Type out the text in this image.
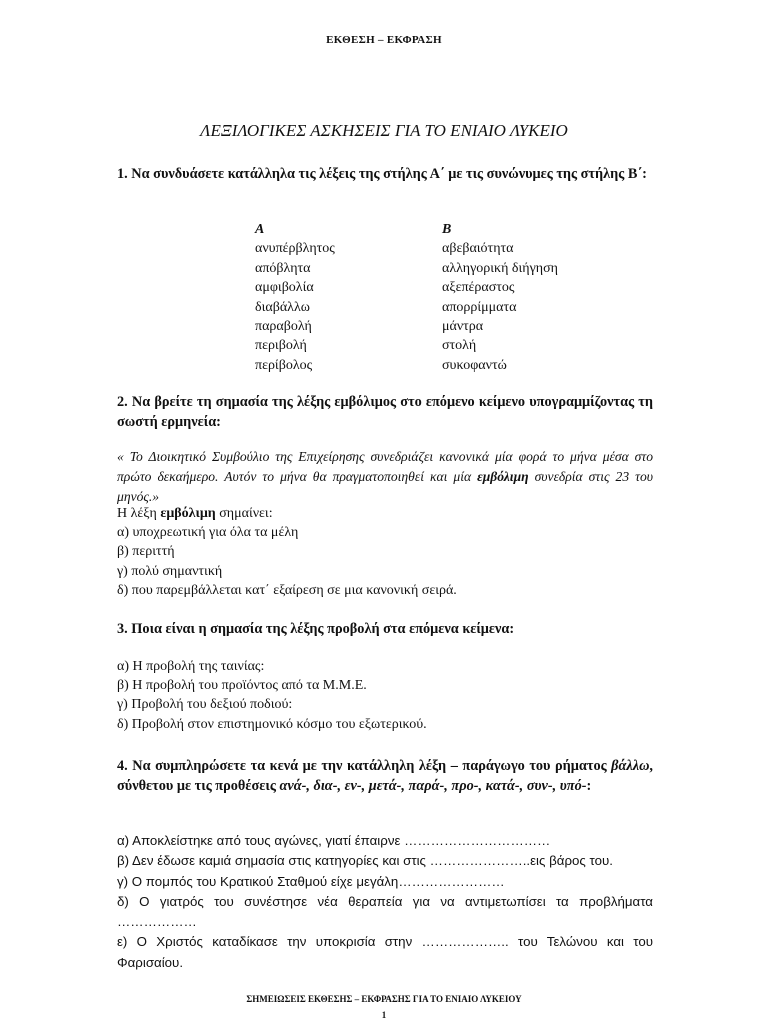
ΕΚΘΕΣΗ – ΕΚΦΡΑΣΗ
ΛΕΞΙΛΟΓΙΚΕΣ ΑΣΚΗΣΕΙΣ ΓΙΑ ΤΟ ΕΝΙΑΙΟ ΛΥΚΕΙΟ
1. Να συνδυάσετε κατάλληλα τις λέξεις της στήλης Α΄ με τις συνώνυμες της στήλης Β΄:
Α
ανυπέρβλητος
απόβλητα
αμφιβολία
διαβάλλω
παραβολή
περιβολή
περίβολος
Β
αβεβαιότητα
αλληγορική διήγηση
αξεπέραστος
απορρίμματα
μάντρα
στολή
συκοφαντώ
2. Να βρείτε τη σημασία της λέξης εμβόλιμος στο επόμενο κείμενο υπογραμμίζοντας τη σωστή ερμηνεία:
« Το Διοικητικό Συμβούλιο της Επιχείρησης συνεδριάζει κανονικά μία φορά το μήνα μέσα στο πρώτο δεκαήμερο. Αυτόν το μήνα θα πραγματοποιηθεί και μία εμβόλιμη συνεδρία στις 23 του μηνός.»
Η λέξη εμβόλιμη σημαίνει:
α) υποχρεωτική για όλα τα μέλη
β) περιττή
γ) πολύ σημαντική
δ) που παρεμβάλλεται κατ΄ εξαίρεση σε μια κανονική σειρά.
3. Ποια είναι η σημασία της λέξης προβολή στα επόμενα κείμενα:
α) Η προβολή της ταινίας:
β) Η προβολή του προϊόντος από τα Μ.Μ.Ε.
γ) Προβολή του δεξιού ποδιού:
δ) Προβολή στον επιστημονικό κόσμο του εξωτερικού.
4. Να συμπληρώσετε τα κενά με την κατάλληλη λέξη – παράγωγο του ρήματος βάλλω, σύνθετου με τις προθέσεις ανά-, δια-, εν-, μετά-, παρά-, προ-, κατά-, συν-, υπό-:
α) Αποκλείστηκε από τους αγώνες, γιατί έπαιρνε ……………………………
β) Δεν έδωσε καμιά σημασία στις κατηγορίες και στις …………………..εις βάρος του.
γ) Ο πομπός του Κρατικού Σταθμού είχε μεγάλη……………………
δ) Ο γιατρός του συνέστησε νέα θεραπεία για να αντιμετωπίσει τα προβλήματα ………………
ε) Ο Χριστός καταδίκασε την υποκρισία στην ……………….. του Τελώνου και του Φαρισαίου.
ΣΗΜΕΙΩΣΕΙΣ ΕΚΘΕΣΗΣ – ΕΚΦΡΑΣΗΣ ΓΙΑ ΤΟ ΕΝΙΑΙΟ ΛΥΚΕΙΟΥ
1
